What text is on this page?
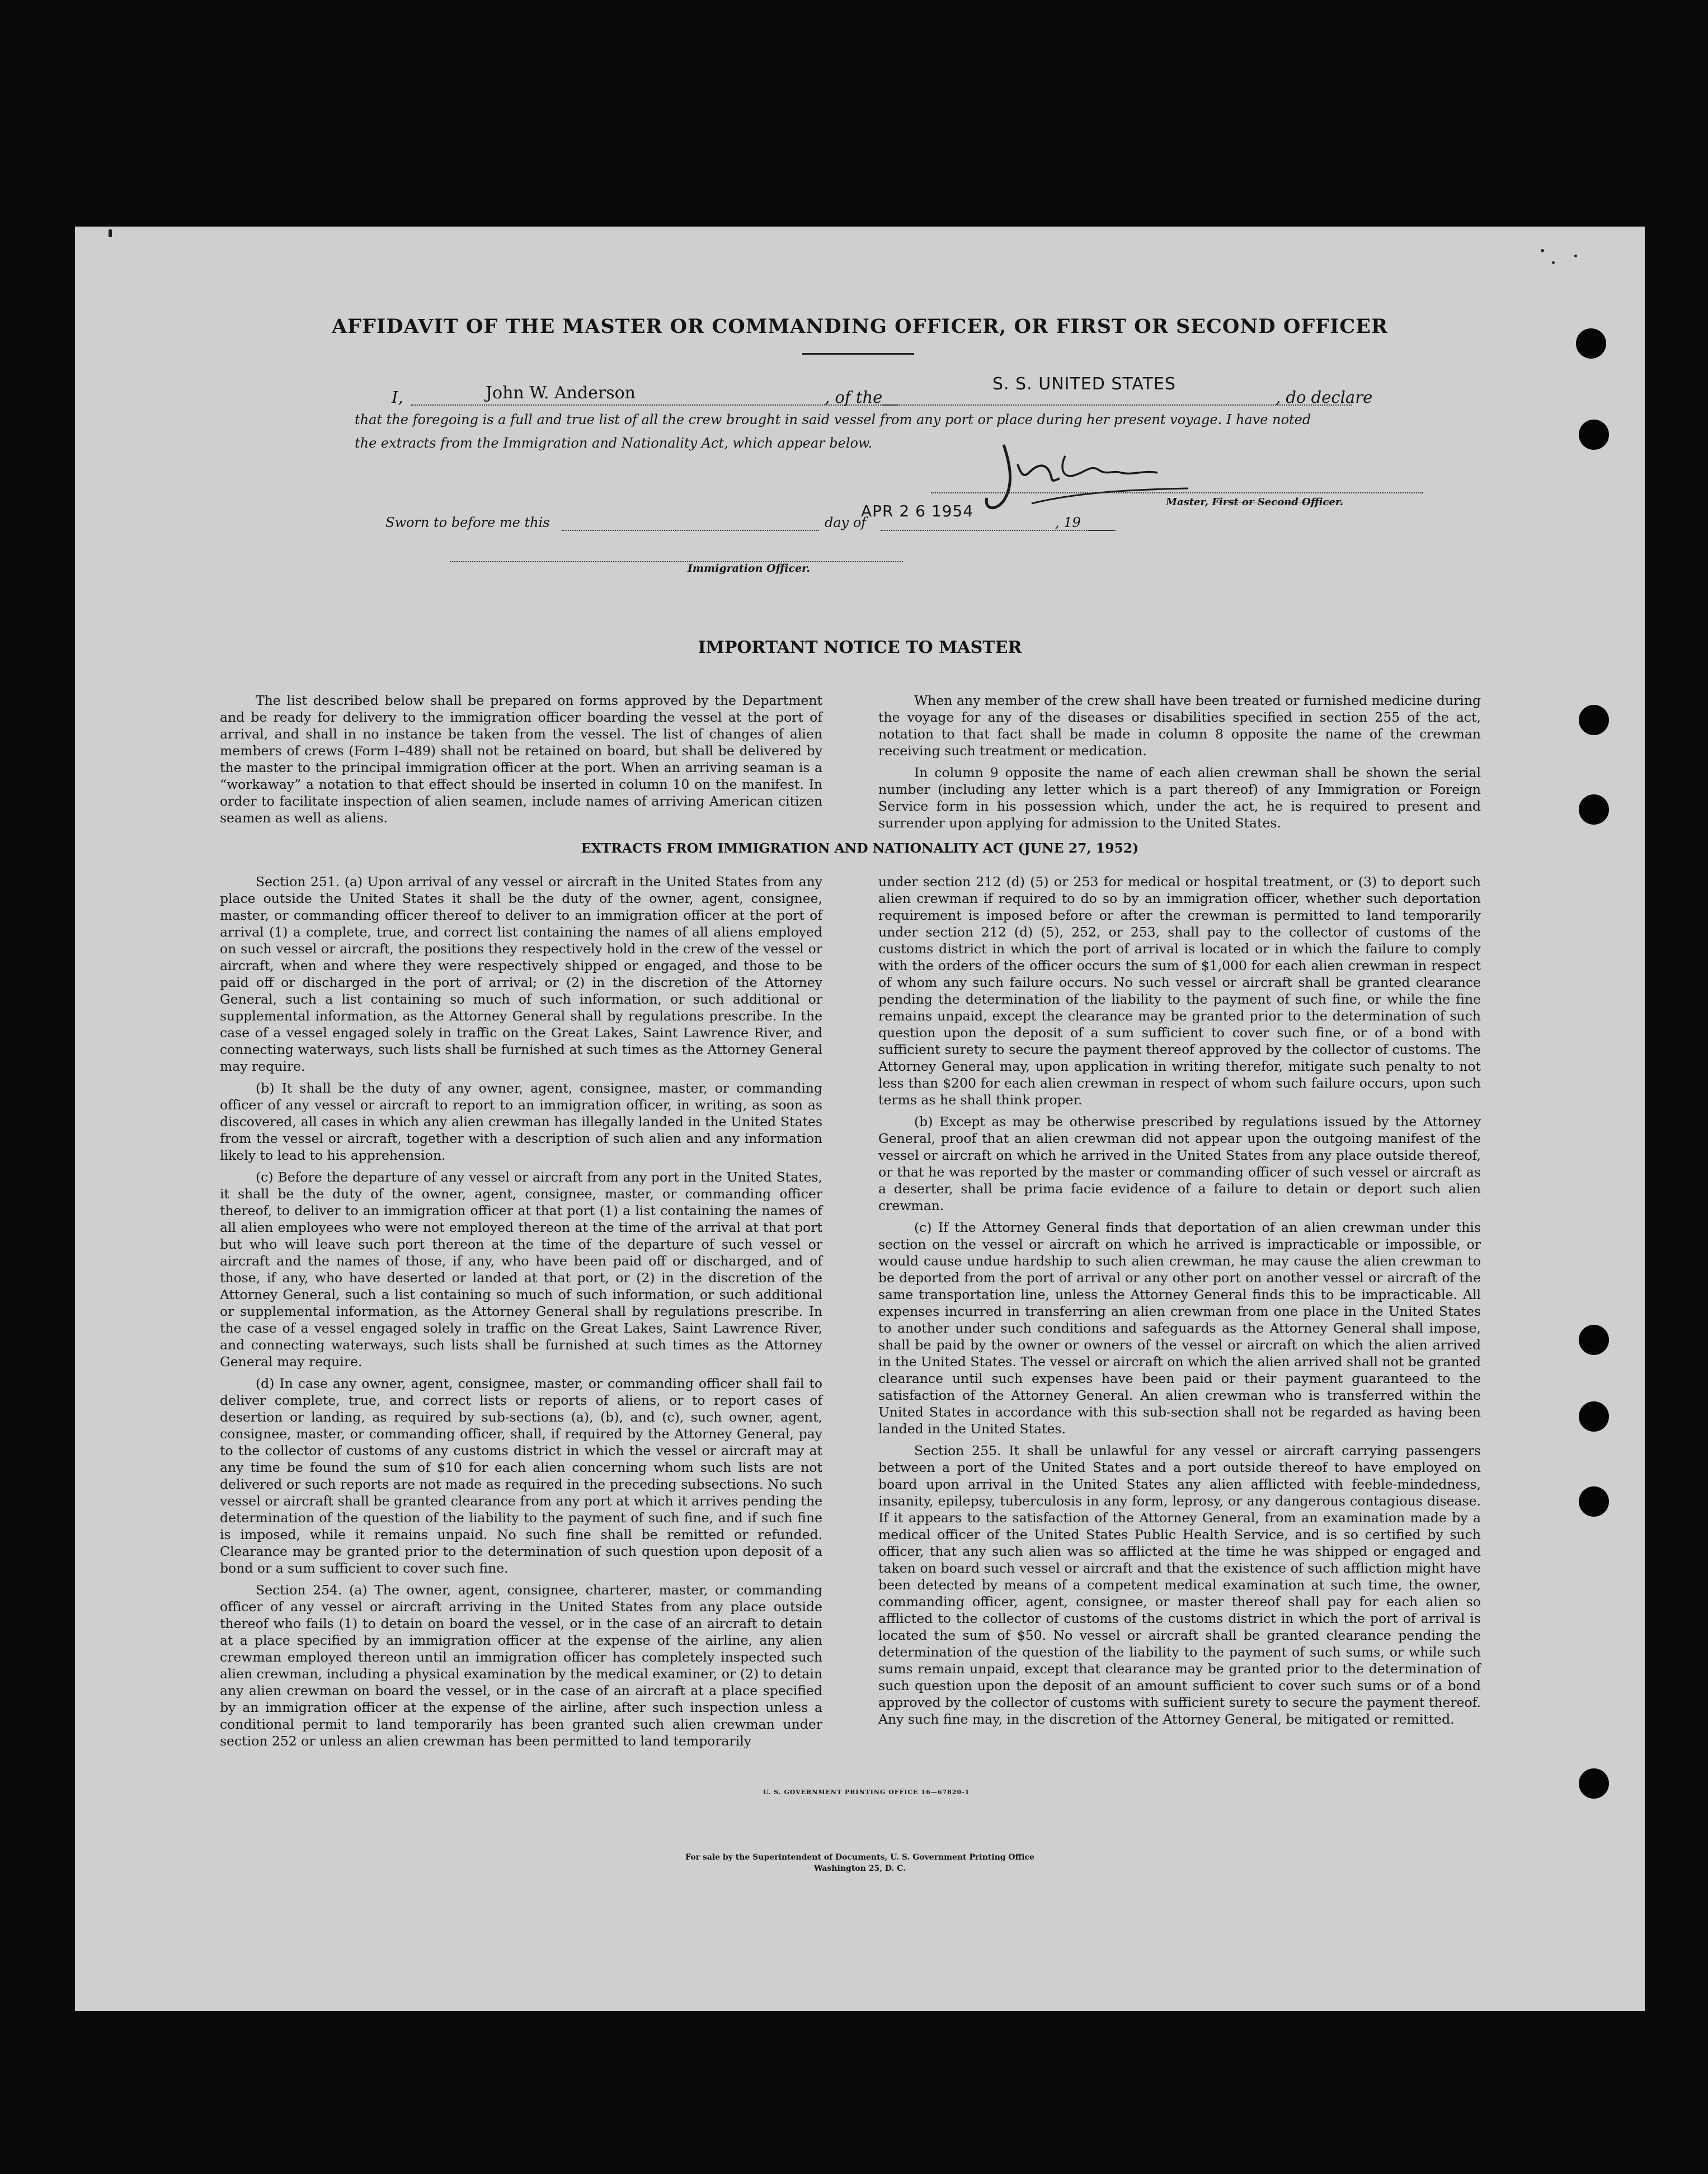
AFFIDAVIT OF THE MASTER OR COMMANDING OFFICER, OR FIRST OR SECOND OFFICER
I,	John W. Anderson	, of the
S. S. UNITED STATES
, do declare
that the foregoing is a full and true list of all the crew brought in said vessel from any port or place during her present voyage. I have noted
the extracts from the Immigration and Nationality Act, which appear below.
Master, First or Second Officer.
Sworn to before me this	day of
APR 2 6 1954
, 19
Immigration Officer.
IMPORTANT NOTICE TO MASTER

The list described below shall be prepared on forms approved by the Department and be ready for delivery to the immigration officer boarding the vessel at the port of arrival, and shall in no instance be taken from the vessel. The list of changes of alien members of crews (Form I–489) shall not be retained on board, but shall be delivered by the master to the principal immigration officer at the port. When an arriving seaman is a “workaway” a notation to that effect should be inserted in column 10 on the manifest. In order to facilitate inspection of alien seamen, include names of arriving American citizen seamen as well as aliens.

When any member of the crew shall have been treated or furnished medicine during the voyage for any of the diseases or disabilities specified in section 255 of the act, notation to that fact shall be made in column 8 opposite the name of the crewman receiving such treatment or medication.

In column 9 opposite the name of each alien crewman shall be shown the serial number (including any letter which is a part thereof) of any Immigration or Foreign Service form in his possession which, under the act, he is required to present and surrender upon applying for admission to the United States.

EXTRACTS FROM IMMIGRATION AND NATIONALITY ACT (JUNE 27, 1952)

Section 251. (a) Upon arrival of any vessel or aircraft in the United States from any place outside the United States it shall be the duty of the owner, agent, consignee, master, or commanding officer thereof to deliver to an immigration officer at the port of arrival (1) a complete, true, and correct list containing the names of all aliens employed on such vessel or aircraft, the positions they respectively hold in the crew of the vessel or aircraft, when and where they were respectively shipped or engaged, and those to be paid off or discharged in the port of arrival; or (2) in the discretion of the Attorney General, such a list containing so much of such information, or such additional or supplemental information, as the Attorney General shall by regulations prescribe. In the case of a vessel engaged solely in traffic on the Great Lakes, Saint Lawrence River, and connecting waterways, such lists shall be furnished at such times as the Attorney General may require.

(b) It shall be the duty of any owner, agent, consignee, master, or commanding officer of any vessel or aircraft to report to an immigration officer, in writing, as soon as discovered, all cases in which any alien crewman has illegally landed in the United States from the vessel or aircraft, together with a description of such alien and any information likely to lead to his apprehension.

(c) Before the departure of any vessel or aircraft from any port in the United States, it shall be the duty of the owner, agent, consignee, master, or commanding officer thereof, to deliver to an immigration officer at that port (1) a list containing the names of all alien employees who were not employed thereon at the time of the arrival at that port but who will leave such port thereon at the time of the departure of such vessel or aircraft and the names of those, if any, who have been paid off or discharged, and of those, if any, who have deserted or landed at that port, or (2) in the discretion of the Attorney General, such a list containing so much of such information, or such additional or supplemental information, as the Attorney General shall by regulations prescribe. In the case of a vessel engaged solely in traffic on the Great Lakes, Saint Lawrence River, and connecting waterways, such lists shall be furnished at such times as the Attorney General may require.

(d) In case any owner, agent, consignee, master, or commanding officer shall fail to deliver complete, true, and correct lists or reports of aliens, or to report cases of desertion or landing, as required by sub-sections (a), (b), and (c), such owner, agent, consignee, master, or commanding officer, shall, if required by the Attorney General, pay to the collector of customs of any customs district in which the vessel or aircraft may at any time be found the sum of $10 for each alien concerning whom such lists are not delivered or such reports are not made as required in the preceding subsections. No such vessel or aircraft shall be granted clearance from any port at which it arrives pending the determination of the question of the liability to the payment of such fine, and if such fine is imposed, while it remains unpaid. No such fine shall be remitted or refunded. Clearance may be granted prior to the determination of such question upon deposit of a bond or a sum sufficient to cover such fine.

Section 254. (a) The owner, agent, consignee, charterer, master, or commanding officer of any vessel or aircraft arriving in the United States from any place outside thereof who fails (1) to detain on board the vessel, or in the case of an aircraft to detain at a place specified by an immigration officer at the expense of the airline, any alien crewman employed thereon until an immigration officer has completely inspected such alien crewman, including a physical examination by the medical examiner, or (2) to detain any alien crewman on board the vessel, or in the case of an aircraft at a place specified by an immigration officer at the expense of the airline, after such inspection unless a conditional permit to land temporarily has been granted such alien crewman under section 252 or unless an alien crewman has been permitted to land temporarily

under section 212 (d) (5) or 253 for medical or hospital treatment, or (3) to deport such alien crewman if required to do so by an immigration officer, whether such deportation requirement is imposed before or after the crewman is permitted to land temporarily under section 212 (d) (5), 252, or 253, shall pay to the collector of customs of the customs district in which the port of arrival is located or in which the failure to comply with the orders of the officer occurs the sum of $1,000 for each alien crewman in respect of whom any such failure occurs. No such vessel or aircraft shall be granted clearance pending the determination of the liability to the payment of such fine, or while the fine remains unpaid, except the clearance may be granted prior to the determination of such question upon the deposit of a sum sufficient to cover such fine, or of a bond with sufficient surety to secure the payment thereof approved by the collector of customs. The Attorney General may, upon application in writing therefor, mitigate such penalty to not less than $200 for each alien crewman in respect of whom such failure occurs, upon such terms as he shall think proper.

(b) Except as may be otherwise prescribed by regulations issued by the Attorney General, proof that an alien crewman did not appear upon the outgoing manifest of the vessel or aircraft on which he arrived in the United States from any place outside thereof, or that he was reported by the master or commanding officer of such vessel or aircraft as a deserter, shall be prima facie evidence of a failure to detain or deport such alien crewman.

(c) If the Attorney General finds that deportation of an alien crewman under this section on the vessel or aircraft on which he arrived is impracticable or impossible, or would cause undue hardship to such alien crewman, he may cause the alien crewman to be deported from the port of arrival or any other port on another vessel or aircraft of the same transportation line, unless the Attorney General finds this to be impracticable. All expenses incurred in transferring an alien crewman from one place in the United States to another under such conditions and safeguards as the Attorney General shall impose, shall be paid by the owner or owners of the vessel or aircraft on which the alien arrived in the United States. The vessel or aircraft on which the alien arrived shall not be granted clearance until such expenses have been paid or their payment guaranteed to the satisfaction of the Attorney General. An alien crewman who is transferred within the United States in accordance with this sub-section shall not be regarded as having been landed in the United States.

Section 255. It shall be unlawful for any vessel or aircraft carrying passengers between a port of the United States and a port outside thereof to have employed on board upon arrival in the United States any alien afflicted with feeble-mindedness, insanity, epilepsy, tuberculosis in any form, leprosy, or any dangerous contagious disease. If it appears to the satisfaction of the Attorney General, from an examination made by a medical officer of the United States Public Health Service, and is so certified by such officer, that any such alien was so afflicted at the time he was shipped or engaged and taken on board such vessel or aircraft and that the existence of such affliction might have been detected by means of a competent medical examination at such time, the owner, commanding officer, agent, consignee, or master thereof shall pay for each alien so afflicted to the collector of customs of the customs district in which the port of arrival is located the sum of $50. No vessel or aircraft shall be granted clearance pending the determination of the question of the liability to the payment of such sums, or while such sums remain unpaid, except that clearance may be granted prior to the determination of such question upon the deposit of an amount sufficient to cover such sums or of a bond approved by the collector of customs with sufficient surety to secure the payment thereof. Any such fine may, in the discretion of the Attorney General, be mitigated or remitted.

U. S. GOVERNMENT PRINTING OFFICE 16—67820-1
For sale by the Superintendent of Documents, U. S. Government Printing Office
Washington 25, D. C.
